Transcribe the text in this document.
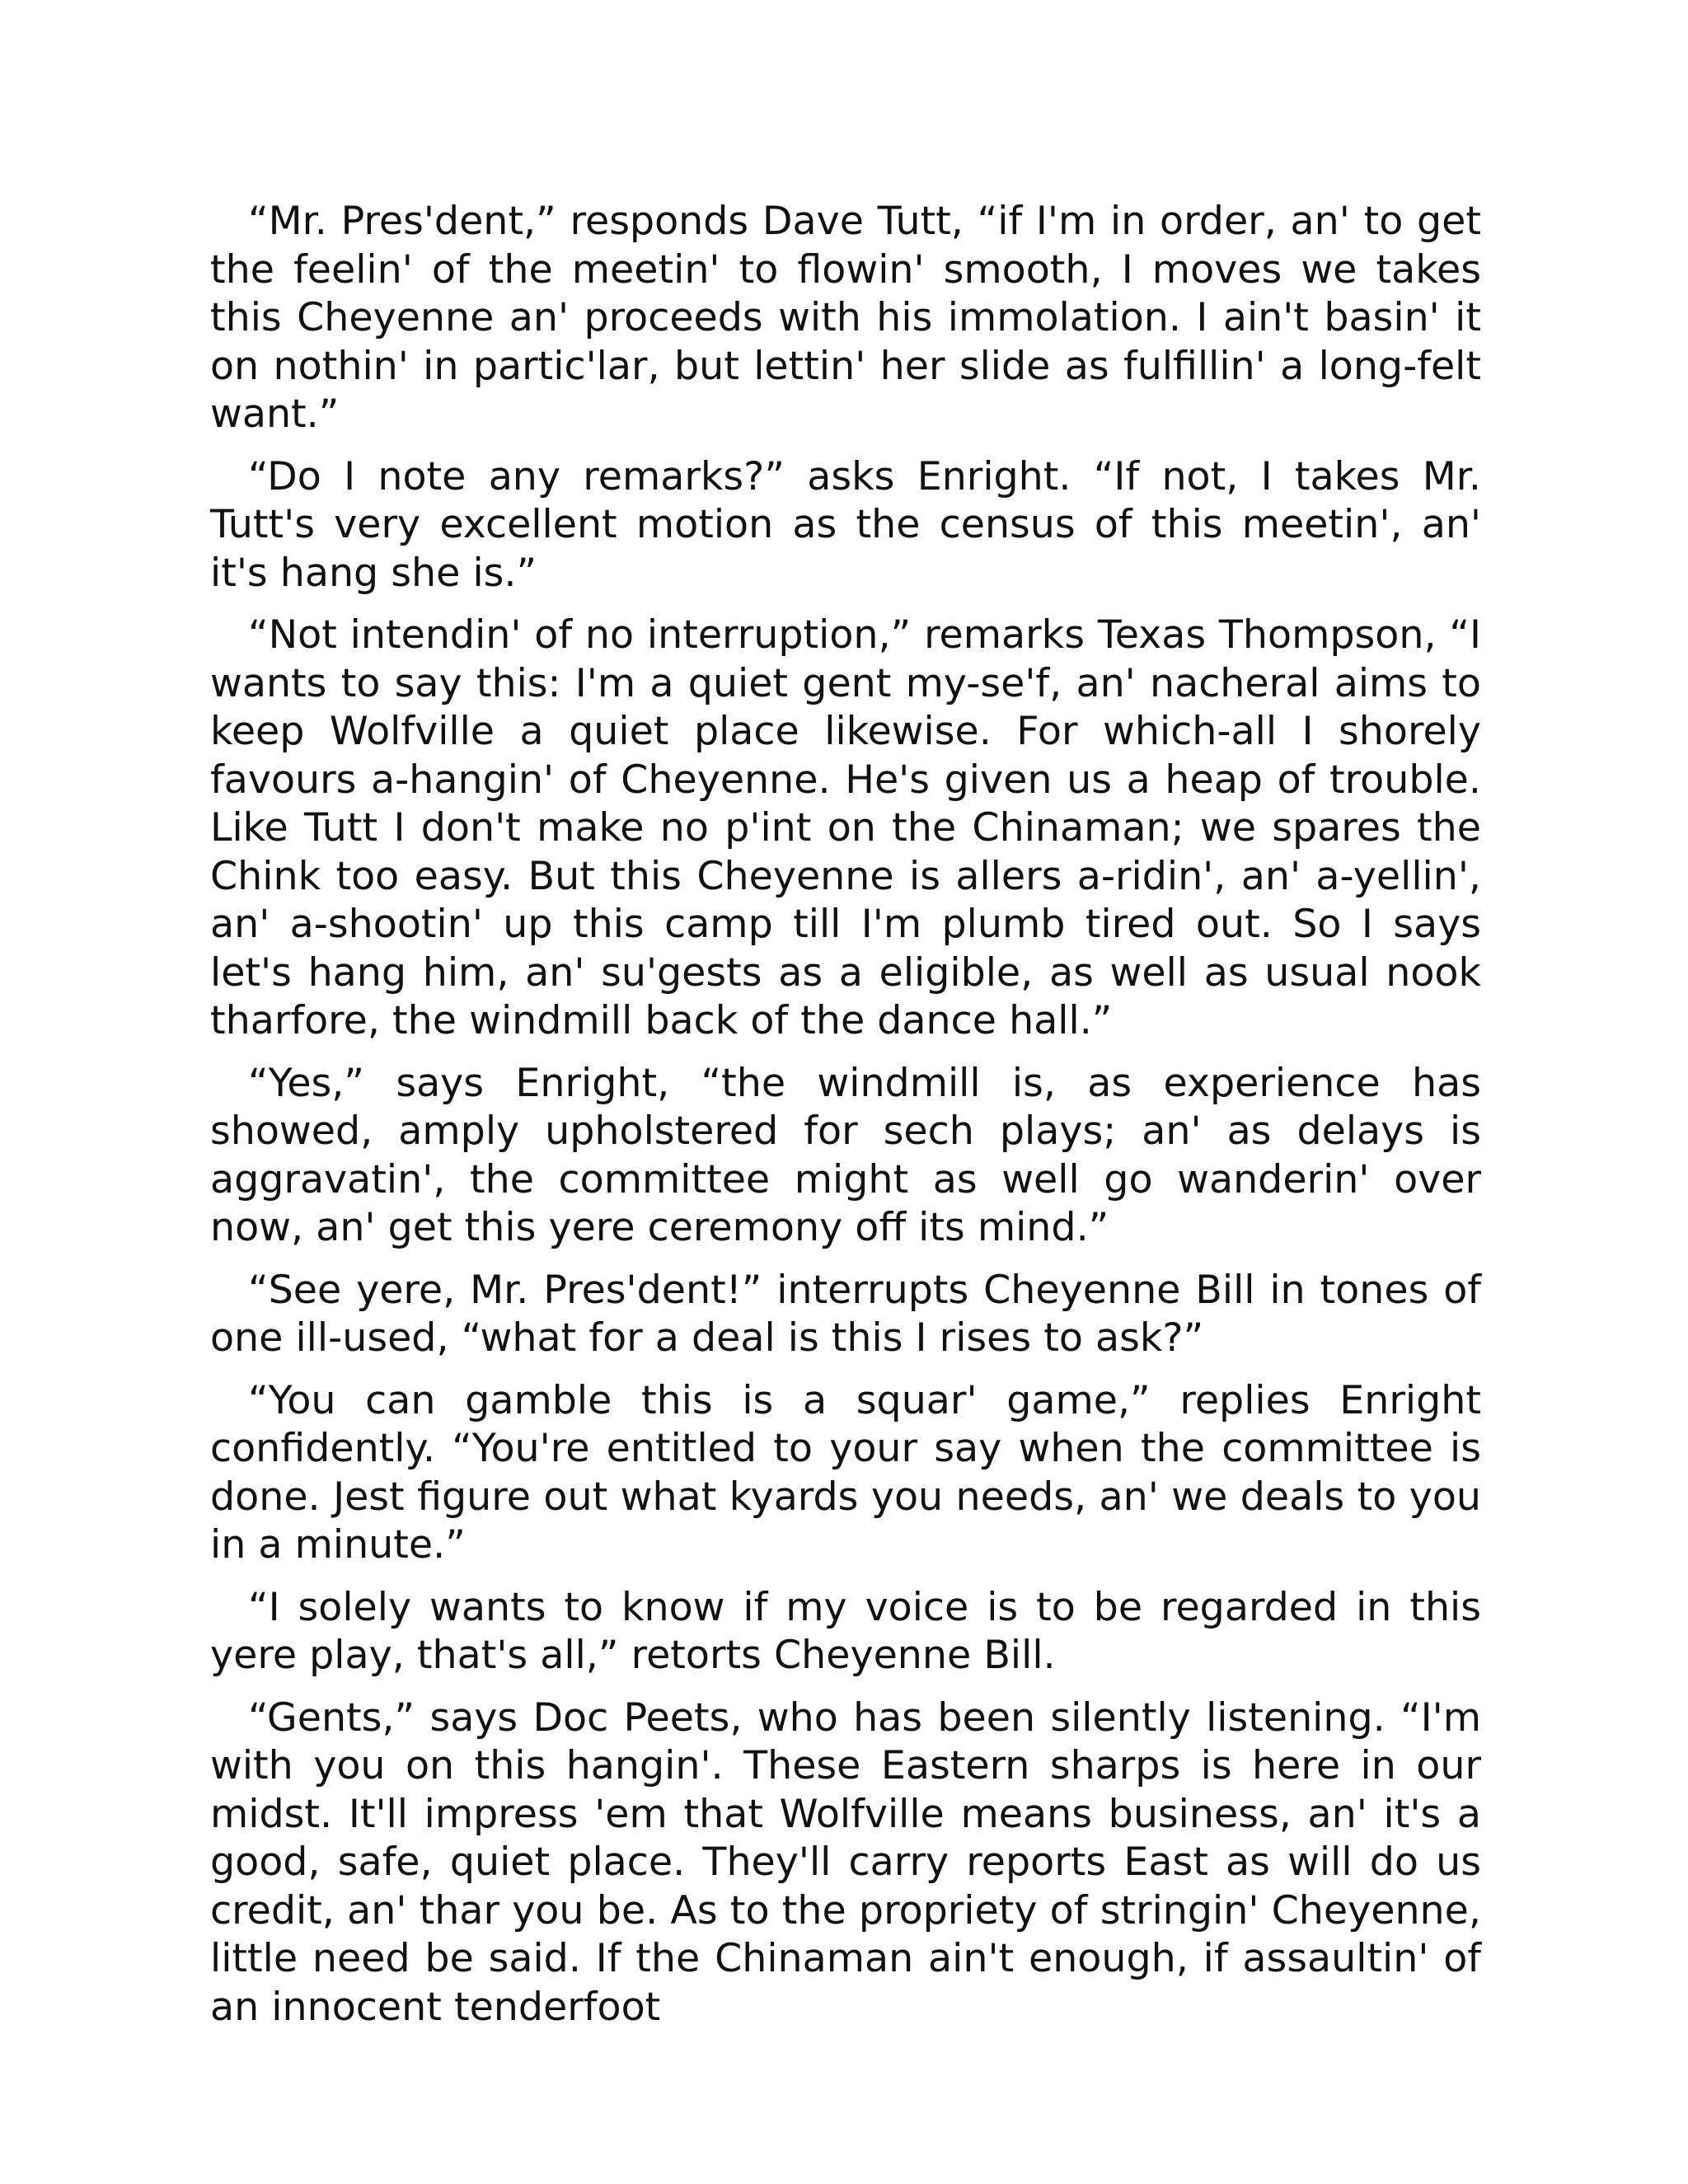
“Mr. Pres'dent,” responds Dave Tutt, “if I'm in order, an' to get the feelin' of the meetin' to flowin' smooth, I moves we takes this Cheyenne an' proceeds with his immolation. I ain't basin' it on nothin' in partic'lar, but lettin' her slide as fulfillin' a long-felt want.”

“Do I note any remarks?” asks Enright. “If not, I takes Mr. Tutt's very excellent motion as the census of this meetin', an' it's hang she is.”

“Not intendin' of no interruption,” remarks Texas Thompson, “I wants to say this: I'm a quiet gent my-se'f, an' nacheral aims to keep Wolfville a quiet place likewise. For which-all I shorely favours a-hangin' of Cheyenne. He's given us a heap of trouble. Like Tutt I don't make no p'int on the Chinaman; we spares the Chink too easy. But this Cheyenne is allers a-ridin', an' a-yellin', an' a-shootin' up this camp till I'm plumb tired out. So I says let's hang him, an' su'gests as a eligible, as well as usual nook tharfore, the windmill back of the dance hall.”

“Yes,” says Enright, “the windmill is, as experience has showed, amply upholstered for sech plays; an' as delays is aggravatin', the committee might as well go wanderin' over now, an' get this yere ceremony off its mind.”

“See yere, Mr. Pres'dent!” interrupts Cheyenne Bill in tones of one ill-used, “what for a deal is this I rises to ask?”

“You can gamble this is a squar' game,” replies Enright confidently. “You're entitled to your say when the committee is done. Jest figure out what kyards you needs, an' we deals to you in a minute.”

“I solely wants to know if my voice is to be regarded in this yere play, that's all,” retorts Cheyenne Bill.

“Gents,” says Doc Peets, who has been silently listening. “I'm with you on this hangin'. These Eastern sharps is here in our midst. It'll impress 'em that Wolfville means business, an' it's a good, safe, quiet place. They'll carry reports East as will do us credit, an' thar you be. As to the propriety of stringin' Cheyenne, little need be said. If the Chinaman ain't enough, if assaultin' of an innocent tenderfoot
